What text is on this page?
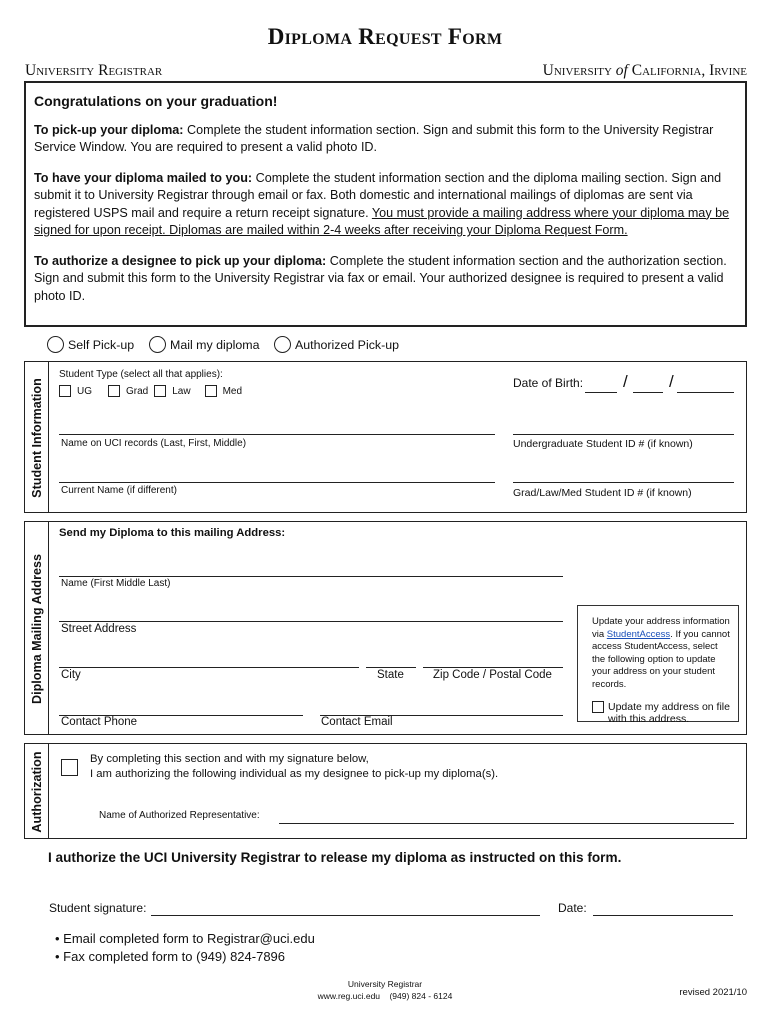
Diploma Request Form
University Registrar	University of California, Irvine
Congratulations on your graduation!

To pick-up your diploma: Complete the student information section. Sign and submit this form to the University Registrar Service Window. You are required to present a valid photo ID.

To have your diploma mailed to you: Complete the student information section and the diploma mailing section. Sign and submit it to University Registrar through email or fax. Both domestic and international mailings of diplomas are sent via registered USPS mail and require a return receipt signature. You must provide a mailing address where your diploma may be signed for upon receipt. Diplomas are mailed within 2-4 weeks after receiving your Diploma Request Form.

To authorize a designee to pick up your diploma: Complete the student information section and the authorization section. Sign and submit this form to the University Registrar via fax or email. Your authorized designee is required to present a valid photo ID.

Self Pick-up	Mail my diploma	Authorized Pick-up
Student Information
Student Type (select all that applies):
UG	Grad Law	Med
Date of Birth: / /
Name on UCI records (Last, First, Middle)	Undergraduate Student ID # (if known)
Current Name (if different)	Grad/Law/Med Student ID # (if known)
Diploma Mailing Address
Send my Diploma to this mailing Address:
Name (First Middle Last)
Street Address
City	State	Zip Code / Postal Code
Contact Phone	Contact Email
Update your address information via StudentAccess. If you cannot access StudentAccess, select the following option to update your address on your student records.
Update my address on file with this address.
Authorization	By completing this section and with my signature below,
I am authorizing the following individual as my designee to pick-up my diploma(s).
Name of Authorized Representative:
I authorize the UCI University Registrar to release my diploma as instructed on this form.
Student signature:	Date:
• Email completed form to Registrar@uci.edu
• Fax completed form to (949) 824-7896
University Registrar
www.reg.uci.edu    (949) 824 - 6124	revised 2021/10
